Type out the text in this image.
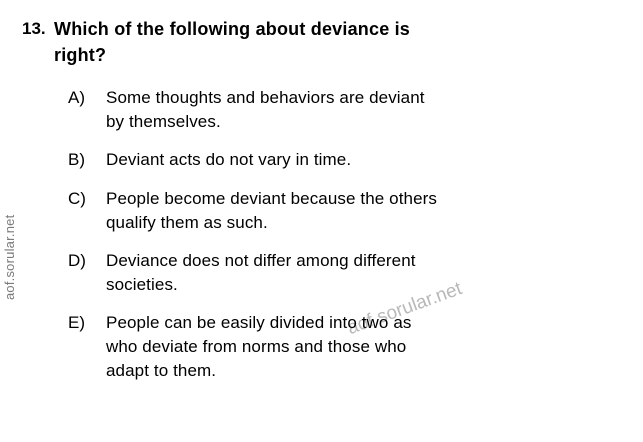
aof.sorular.net
aof.sorular.net
13. Which of the following about deviance is
right?
A)	Some thoughts and behaviors are deviant
by themselves.
B)	Deviant acts do not vary in time.
C)	People become deviant because the others
qualify them as such.
D)	Deviance does not differ among different
societies.
E)	People can be easily divided into two as
who deviate from norms and those who
adapt to them.
